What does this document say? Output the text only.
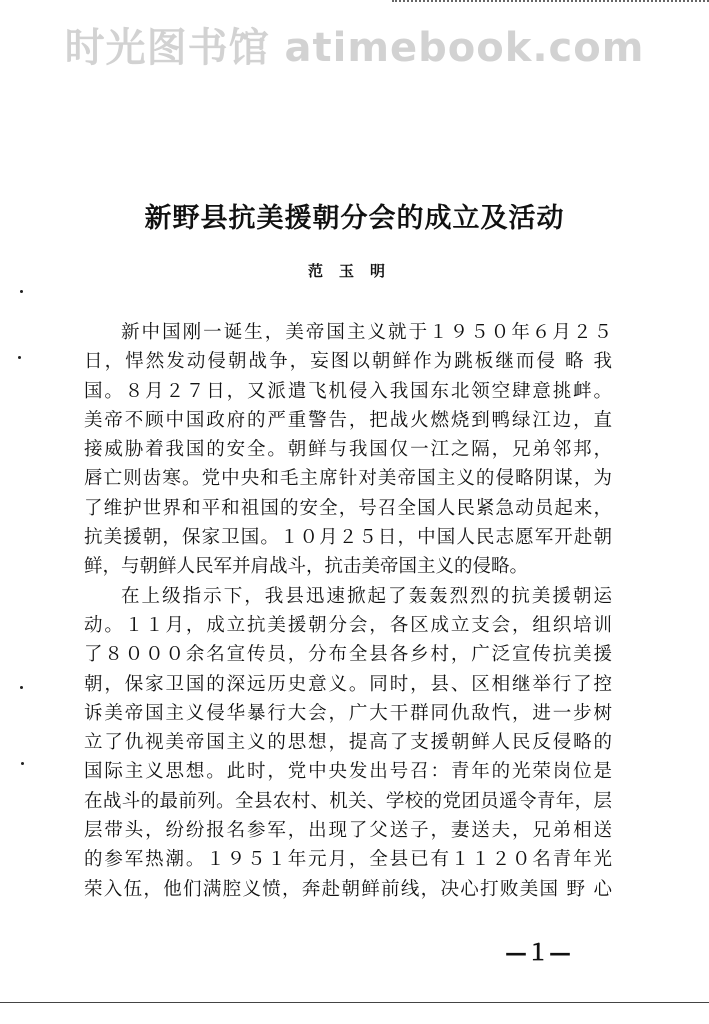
时光图书馆 atimebook.com
新野县抗美援朝分会的成立及活动
范玉明
新中国刚一诞生，美帝国主义就于１９５０年６月２５
日，悍然发动侵朝战争，妄图以朝鲜作为跳板继而侵 略 我
国。８月２７日，又派遣飞机侵入我国东北领空肆意挑衅。
美帝不顾中国政府的严重警告，把战火燃烧到鸭绿江边，直
接威胁着我国的安全。朝鲜与我国仅一江之隔，兄弟邻邦，
唇亡则齿寒。党中央和毛主席针对美帝国主义的侵略阴谋，为
了维护世界和平和祖国的安全，号召全国人民紧急动员起来，
抗美援朝，保家卫国。１０月２５日，中国人民志愿军开赴朝
鲜，与朝鲜人民军并肩战斗，抗击美帝国主义的侵略。
在上级指示下，我县迅速掀起了轰轰烈烈的抗美援朝运
动。１１月，成立抗美援朝分会，各区成立支会，组织培训
了８０００余名宣传员，分布全县各乡村，广泛宣传抗美援
朝，保家卫国的深远历史意义。同时，县、区相继举行了控
诉美帝国主义侵华暴行大会，广大干群同仇敌忾，进一步树
立了仇视美帝国主义的思想，提高了支援朝鲜人民反侵略的
国际主义思想。此时，党中央发出号召：青年的光荣岗位是
在战斗的最前列。全县农村、机关、学校的党团员遥令青年，层
层带头，纷纷报名参军，出现了父送子，妻送夫，兄弟相送
的参军热潮。１９５１年元月，全县已有１１２０名青年光
荣入伍，他们满腔义愤，奔赴朝鲜前线，决心打败美国 野 心
—１—
